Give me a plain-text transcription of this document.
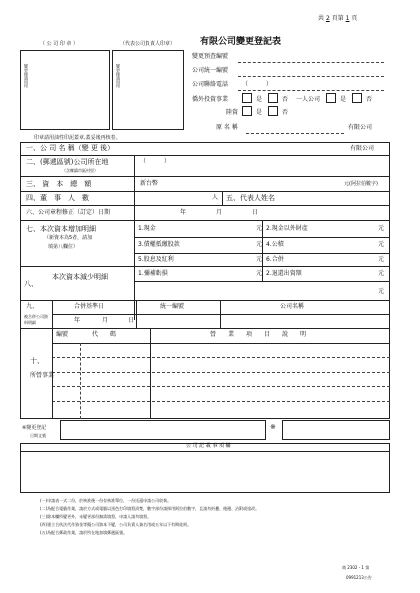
共 2 頁第 1 頁
（ 公 司 印 章 ）	（代表公司負責人印章）
變更後請用印	變更後請用印
有限公司變更登記表
變更預查編號
公司統一編號
公司聯絡電話 （　　　）
僑外投資事業	是	否 一人公司	是	否
陸資	是	否
原 名 稱	有限公司
印章請用油性印泥蓋章,蓋妥後再核卷。
一、公 司 名 稱（變 更 後）	有限公司
二、(郵遞區號)公司所在地
（含鄉鎮市區村里）
（　　　）
三、 資　本　總　額	新台幣	元(阿拉伯數字)
四、董　事　人　數	人 五、代表人姓名
六、公司章程修正（訂定）日期	年	月	日
七、本次資本增加明細
（新資本為5者，請加
填第八欄位）
1.現金	元 2.現金以外財產	元
3.債權抵繳股款	元 4.公積	元
5.股息及紅利	元 6.合併	元
八、
本次資本減少明細	1.彌補虧損	元 2.退還出資額	元
元
九、
被合併公司資料明細
合併基準日	統一編號	公司名稱
年	月	日
十、
所營事業
編號	代　　碼	營　　業　　項　　目　　說　　明
※變更登記
日期文號
※
公 司 記 載 事 項 欄
(一)申請表一式二份，於核准後一份存核准單位，一份送還申請公司收執。
(二)為配合電腦作業，請於方式或電腦以黑色打印填寫清楚，數字部份請採用阿拉伯數字，且請勿折疊、捲邊、沾附或塗改。
(三)除本欄所變更外，未變更部份無需填寫，申請人請勿填寫。
(四)建立合伙法代作資金等擬公司資本不變，公司負責人簽名用或五年以下有期徒刑。
(五)為配合郵政作業，請於所在地加填郵遞區號。
商 2302 - 1 第
0991213公告
